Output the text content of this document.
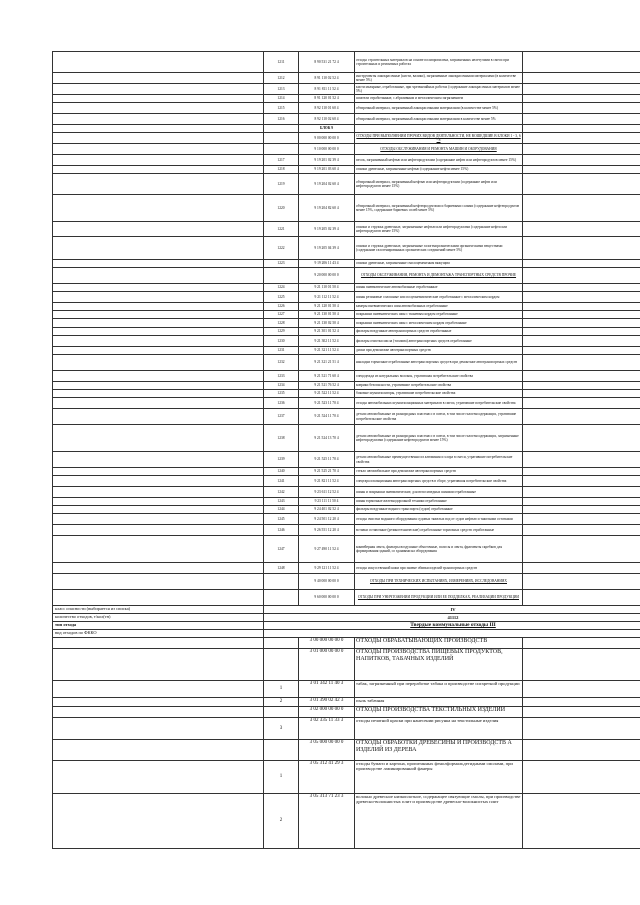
	1211	8 90 531 21 72 4	отходы строительных материалов на основе полипропилена, загрязненных нелетучими в смеси при строительных и ремонтных работах	
	1212	8 91 110 02 52 4	инструменты лакокрасочные (кисти, валики), загрязненные лакокрасочными материалами (в количестве менее 5%)	
	1213	8 91 811 11 52 4	кисти малярные, отработанные, при чрезвычайных работах (содержание лакокрасочных материалов менее 5%)	
	1214	8 91 120 01 52 4	шпатели отработанные, с абразивным и металлическим загрязнением	
	1215	8 92 110 01 60 4	обтирочный материал, загрязненный лакокрасочными материалами (в количестве менее 5%)	
	1216	8 92 110 02 60 4	обтирочный материал, загрязненный лакокрасочными материалами в количестве менее 5%	
		БЛОК 9		
		9 00 000 00 00 0	ОТХОДЫ ПРИ ВЫПОЛНЕНИИ ПРОЧИХ ВИДОВ ДЕЯТЕЛЬНОСТИ, НЕ ВОШЕДШИЕ В БЛОКИ 1 - 3, 6 - 8	
		9 10 000 00 00 0	ОТХОДЫ ОБСЛУЖИВАНИЯ И РЕМОНТА МАШИН И ОБОРУДОВАНИЯ	
	1217	9 19 201 02 39 4	песок, загрязненный нефтью или нефтепродуктами (содержание нефти или нефтепродуктов менее 15%)	
	1218	9 19 201 03 60 4	опилки древесные, загрязненные нефтью (содержание нефти менее 15%)	
	1219	9 19 204 02 60 4	обтирочный материал, загрязненный нефтью или нефтепродуктами (содержание нефти или нефтепродуктов менее 15%)	
	1220	9 19 204 82 60 4	обтирочный материал, загрязненный нефтепродуктами и бариевыми солями (содержание нефтепродуктов менее 15%, содержание бариевых солей менее 5%)	
	1221	9 19 205 02 39 4	опилки и стружка древесные, загрязненные нефтью или нефтепродуктами (содержание нефти или нефтепродуктов менее 15%)	
	1222	9 19 205 04 39 4	опилки и стружка древесные, загрязненные галогенорганическими органическими веществами (содержание галогенированных органических соединений менее 5%)	
	1223	9 19 206 11 43 4	опилки древесные, загрязненные смолоцементным вяжущим	
		9 20 000 00 00 0	ОТХОДЫ ОБСЛУЖИВАНИЯ, РЕМОНТА И ДЕМОНТАЖА ТРАНСПОРТНЫХ СРЕДСТВ ПРОЧИЕ	
	1224	9 21 110 01 50 4	шины пневматические автомобильные отработанные	
	1225	9 21 112 11 52 4	шины резиновые сплошные или полупневматические отработанные с металлическим кордом	
	1226	9 21 120 01 50 4	камеры пневматических шин автомобильных отработанные	
	1227	9 21 130 01 50 4	покрышки пневматических шин с тканевым кордом отработанные	
	1228	9 21 130 02 50 4	покрышки пневматических шин с металлическим кордом отработанные	
	1229	9 21 301 01 52 4	фильтры воздушные автотранспортных средств отработанные	
	1230	9 21 302 11 52 4	фильтры очистки масла (топлива) автотранспортных средств отработанные	
	1231	9 21 321 11 52 4	диски при демонтаже автотранспортных средств	
	1232	9 21 321 21 51 4	накладки тормозные отработанные автотранспортных средств при демонтаже автотранспортных средств	
	1233	9 21 521 71 60 4	спецодежда из натуральных волокон, утратившая потребительские свойства	
	1234	9 21 521 76 52 4	коврики безопасности, утратившие потребительские свойства	
	1235	9 21 522 11 52 4	боковые шумоизоляторы, утратившие потребительские свойства	
	1236	9 21 523 11 70 4	отходы автомобильных шумоизоляционных материалов в смеси, утратившие потребительские свойства	
	1237	9 21 524 11 70 4	детали автомобильные из разнородных пластмасс в смеси, в том числе галогенсодержащих, утратившие потребительские свойства	
	1238	9 21 524 13 70 4	детали автомобильные из разнородных пластмасс в смеси, в том числе галогенсодержащих, загрязненные нефтепродуктами (содержание нефтепродуктов менее 15%)	
	1239	9 21 525 11 70 4	детали автомобильные преимущественно из алюминия и хлора в смеси, утратившие потребительские свойства	
	1240	9 21 525 21 70 4	стекло автомобильное при демонтаже автотранспортных средств	
	1241	9 21 821 11 52 4	спецтара изоляционная автотранспортных средств в сборе, утратившая потребительские свойства	
	1242	9 23 611 12 52 4	шины и покрышки пневматические, для велосипедных шинами отработанные	
	1243	9 23 111 11 50 4	шины тормозные железнодорожной техники отработанные	
	1244	9 24 401 02 52 4	фильтры воздушные водного транспорта (судов) отработанные	
	1245	9 24 501 12 20 4	отходы очистки водяного оборудования судовых тяжелых вод от судов нефтью и тяжелыми остатками	
	1246	9 26 551 12 20 4	вставки оставочные (резинотехнические) отработанные тормозных средств отработанные	
	1247	9 27 490 11 52 4	конвейерная лента, фильтры воздушные обмоточные, полосы и лента, фрагменты скребков для формирования зданий, со зданиями на оборудования	
	1248	9 29 121 11 52 4	отходы искусственной кожи при замене обивки изделий транспортных средств	
		9 40 000 00 00 0	ОТХОДЫ ПРИ ТЕХНИЧЕСКИХ ИСПЫТАНИЯХ, ИЗМЕРЕНИЯХ, ИССЛЕДОВАНИЯХ	
		9 60 000 00 00 0	ОТХОДЫ ПРИ УНИЧТОЖЕНИИ ПРОДУКЦИИ ИЛИ ЕЕ ПОДДЕЛКАХ, РЕАЛИЗАЦИИ ПРОДУКЦИИ	
класс опасности (выбирается из списка)	IV			
количество отходов, т/кол(тн)	41112			
тип отхода	Твердые коммунальные отходы III			
вид отходов по ФККО				
		3 00 000 00 00 0	ОТХОДЫ ОБРАБАТЫВАЮЩИХ ПРОИЗВОДСТВ	
		3 01 000 00 00 0	ОТХОДЫ ПРОИЗВОДСТВА ПИЩЕВЫХ ПРОДУКТОВ, НАПИТКОВ, ТАБАЧНЫХ ИЗДЕЛИЙ	
	1	3 01 342 11 40 3	табак, загрязненный при переработке табака и производстве сигаретной продукции	
	2	3 01 390 02 42 3	пыль табачная	
		3 02 000 00 00 0	ОТХОДЫ ПРОИЗВОДСТВА ТЕКСТИЛЬНЫХ ИЗДЕЛИЙ	
	3	3 02 335 11 33 3	отходы печатной краски при нанесении рисунка на текстильные изделия	
		3 05 000 00 00 0	ОТХОДЫ ОБРАБОТКИ ДРЕВЕСИНЫ И ПРОИЗВОДСТВ А ИЗДЕЛИЙ ИЗ ДЕРЕВА	
	1	3 05 312 41 29 3	отходы бумаги и картона, пропитанных фенолформальдегидными смолами, при производстве ламинированной фанеры	
	2	3 05 313 71 23 3	волокно древесное низкоплотное, содержащее связующие смолы, при производстве древесно-волокнистых плит и производстве древесно-волокнистых плит	
